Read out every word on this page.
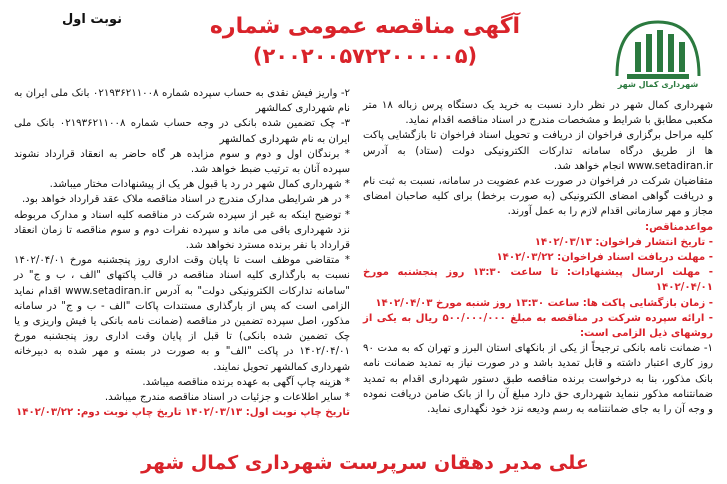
نوبت اول	آگهی مناقصه عمومی شماره
(۲۰۰۲۰۰۵۷۲۲۰۰۰۰۰۵)
شهرداری کمال شهر

شهرداری کمال شهر در نظر دارد نسبت به خرید یک دستگاه پرس زباله ۱۸ متر مکعبی مطابق با شرایط و مشخصات مندرج در اسناد مناقصه اقدام نماید.

کلیه مراحل برگزاری فراخوان از دریافت و تحویل اسناد فراخوان تا بازگشایی پاکت ها از طریق درگاه سامانه تدارکات الکترونیکی دولت (ستاد) به آدرس www.setadiran.ir انجام خواهد شد.

متقاضیان شرکت در فراخوان در صورت عدم عضویت در سامانه، نسبت به ثبت نام و دریافت گواهی امضای الکترونیکی (به صورت برخط) برای کلیه صاحبان امضای مجاز و مهر سازمانی اقدام لازم را به عمل آورند.

مواعدمناقص:

- تاریخ انتشار فراخوان: ۱۴۰۲/۰۳/۱۳

- مهلت دریافت اسناد فراخوان: ۱۴۰۲/۰۳/۲۲

- مهلت ارسال پیشنهادات: تا ساعت ۱۳:۳۰ روز پنجشنبه مورخ ۱۴۰۲/۰۴/۰۱

- زمان بازگشایی پاکت ها: ساعت ۱۳:۳۰ روز شنبه مورخ ۱۴۰۲/۰۴/۰۳

- ارائه سپرده شرکت در مناقصه به مبلغ ۵۰۰/۰۰۰/۰۰۰ ریال به یکی از روشهای ذیل الزامی است:

۱- ضمانت نامه بانکی ترجیحاً از یکی از بانکهای استان البرز و تهران که به مدت ۹۰ روز کاری اعتبار داشته و قابل تمدید باشد و در صورت نیاز به تمدید ضمانت نامه بانک مذکور، بنا به درخواست برنده مناقصه طبق دستور شهرداری اقدام به تمدید ضمانتنامه مذکور ننماید شهرداری حق دارد مبلغ آن را از بانک ضامن دریافت نموده و وجه آن را به جای ضمانتنامه به رسم ودیعه نزد خود نگهداری نماید.

۲- واریز فیش نقدی به حساب سپرده شماره ۰۲۱۹۳۶۲۱۱۰۰۸ بانک ملی ایران به نام شهرداری کمالشهر

۳- چک تضمین شده بانکی در وجه حساب شماره ۰۲۱۹۳۶۲۱۱۰۰۸ بانک ملی ایران به نام شهرداری کمالشهر

* برندگان اول و دوم و سوم مزایده هر گاه حاضر به انعقاد قرارداد نشوند سپرده آنان به ترتیب ضبط خواهد شد.

* شهرداری کمال شهر در رد یا قبول هر یک از پیشنهادات مختار میباشد.

* در هر شرایطی مدارک مندرج در اسناد مناقصه ملاک عقد قرارداد خواهد بود.

* توضیح اینکه به غیر از سپرده شرکت در مناقصه کلیه اسناد و مدارک مربوطه نزد شهرداری باقی می ماند و سپرده نفرات دوم و سوم مناقصه تا زمان انعقاد قرارداد با نفر برنده مسترد نخواهد شد.

* متقاضی موظف است تا پایان وقت اداری روز پنجشنبه مورخ ۱۴۰۲/۰۴/۰۱ نسبت به بارگذاری کلیه اسناد مناقصه در قالب پاکتهای "الف ، ب و ج" در "سامانه تدارکات الکترونیکی دولت" به آدرس www.setadiran.ir اقدام نماید الزامی است که پس از بارگذاری مستندات پاکات "الف - ب و ج" در سامانه مذکور، اصل سپرده تضمین در مناقصه (ضمانت نامه بانکی یا فیش واریزی و یا چک تضمین شده بانکی) تا قبل از پایان وقت اداری روز پنجشنبه مورخ ۱۴۰۲/۰۴/۰۱ در پاکت "الف" و به صورت در بسته و مهر شده به دبیرخانه شهرداری کمالشهر تحویل نمایند.

* هزینه چاپ آگهی به عهده برنده مناقصه میباشد.

* سایر اطلاعات و جزئیات در اسناد مناقصه مندرج میباشد.

تاریخ چاپ نوبت اول: ۱۴۰۲/۰۳/۱۳ تاریخ چاپ نوبت دوم: ۱۴۰۲/۰۳/۲۲

علی مدیر دهقان سرپرست شهرداری کمال شهر
